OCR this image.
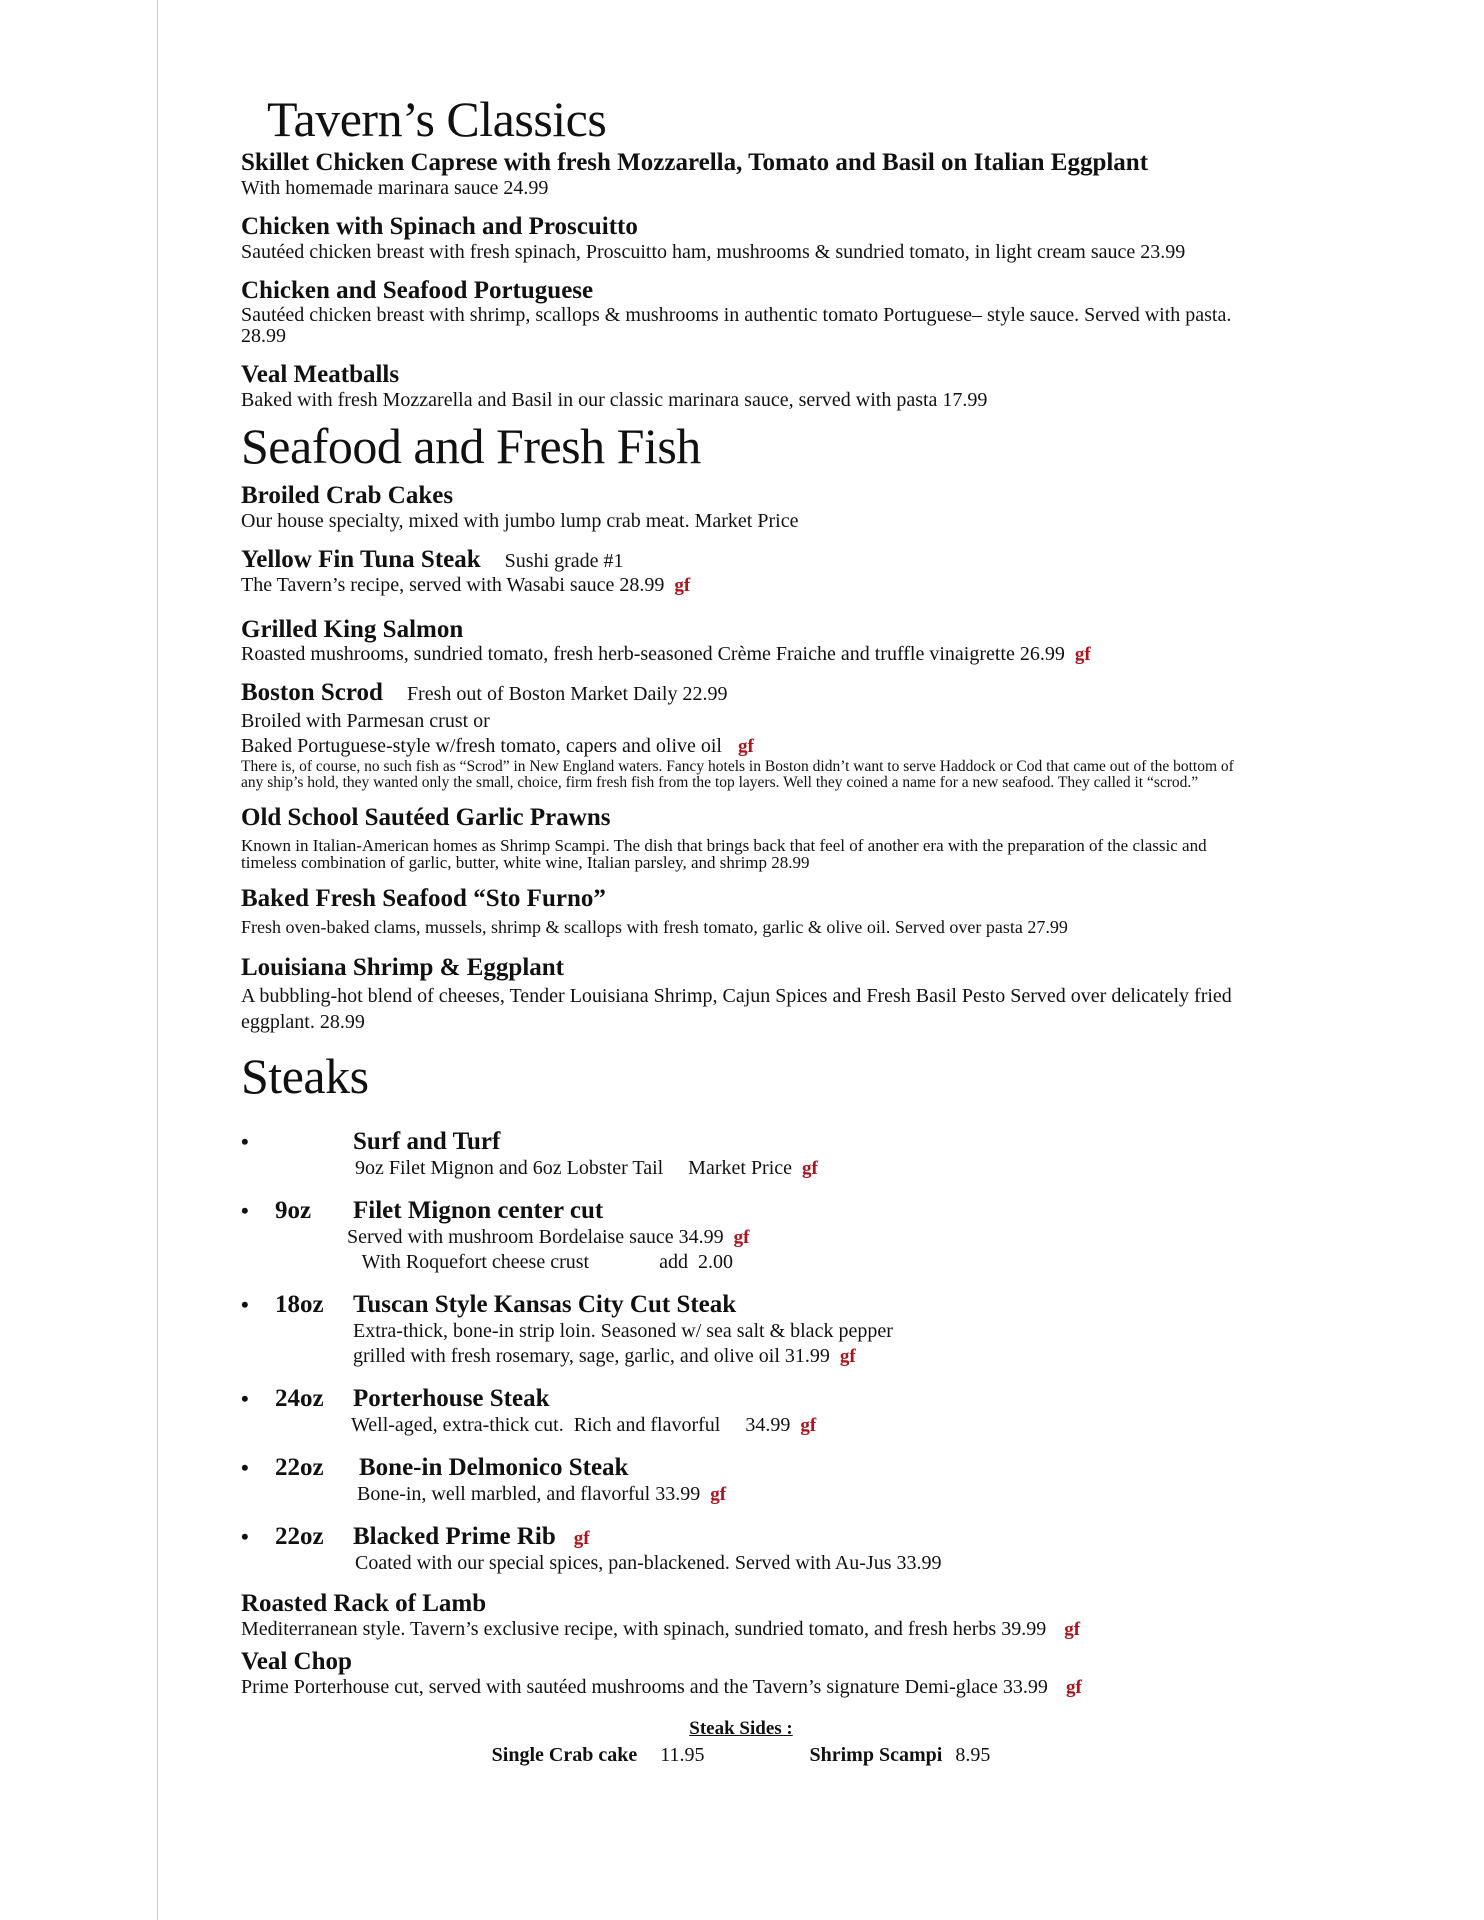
Tavern’s Classics
Skillet Chicken Caprese with fresh Mozzarella, Tomato and Basil on Italian Eggplant
With homemade marinara sauce 24.99
Chicken with Spinach and Proscuitto
Sautéed chicken breast with fresh spinach, Proscuitto ham, mushrooms & sundried tomato, in light cream sauce 23.99
Chicken and Seafood Portuguese
Sautéed chicken breast with shrimp, scallops & mushrooms in authentic tomato Portuguese– style sauce. Served with pasta. 28.99
Veal Meatballs
Baked with fresh Mozzarella and Basil in our classic marinara sauce, served with pasta 17.99
Seafood and Fresh Fish
Broiled Crab Cakes
Our house specialty, mixed with jumbo lump crab meat. Market Price
Yellow Fin Tuna Steak Sushi grade #1
The Tavern’s recipe, served with Wasabi sauce 28.99 gf
Grilled King Salmon
Roasted mushrooms, sundried tomato, fresh herb-seasoned Crème Fraiche and truffle vinaigrette 26.99 gf
Boston Scrod Fresh out of Boston Market Daily 22.99
Broiled with Parmesan crust or
Baked Portuguese-style w/fresh tomato, capers and olive oil gf
There is, of course, no such fish as “Scrod” in New England waters. Fancy hotels in Boston didn’t want to serve Haddock or Cod that came out of the bottom of any ship’s hold, they wanted only the small, choice, firm fresh fish from the top layers. Well they coined a name for a new seafood. They called it “scrod.”
Old School Sautéed Garlic Prawns
Known in Italian-American homes as Shrimp Scampi. The dish that brings back that feel of another era with the preparation of the classic and timeless combination of garlic, butter, white wine, Italian parsley, and shrimp 28.99
Baked Fresh Seafood “Sto Furno”
Fresh oven-baked clams, mussels, shrimp & scallops with fresh tomato, garlic & olive oil. Served over pasta 27.99
Louisiana Shrimp & Eggplant
A bubbling-hot blend of cheeses, Tender Louisiana Shrimp, Cajun Spices and Fresh Basil Pesto Served over delicately fried eggplant. 28.99
Steaks
•	Surf and Turf
9oz Filet Mignon and 6oz Lobster Tail     Market Price gf
•	9oz	Filet Mignon center cut
Served with mushroom Bordelaise sauce 34.99 gf
With Roquefort cheese crust              add  2.00
•	18oz	Tuscan Style Kansas City Cut Steak
Extra-thick, bone-in strip loin. Seasoned w/ sea salt & black pepper
grilled with fresh rosemary, sage, garlic, and olive oil 31.99 gf
•	24oz	Porterhouse Steak
Well-aged, extra-thick cut.  Rich and flavorful     34.99 gf
•	22oz	Bone-in Delmonico Steak
Bone-in, well marbled, and flavorful 33.99 gf
•	22oz	Blacked Prime Rib gf
Coated with our special spices, pan-blackened. Served with Au-Jus 33.99
Roasted Rack of Lamb
Mediterranean style. Tavern’s exclusive recipe, with spinach, sundried tomato, and fresh herbs 39.99 gf
Veal Chop
Prime Porterhouse cut, served with sautéed mushrooms and the Tavern’s signature Demi-glace 33.99 gf
Steak Sides :
Single Crab cake 11.95	Shrimp Scampi 8.95
